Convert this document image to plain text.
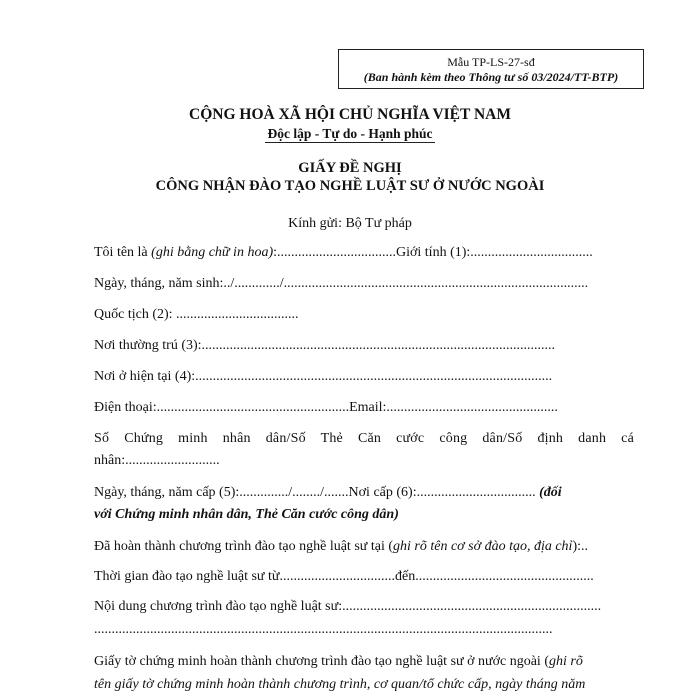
Mẫu TP-LS-27-sđ
(Ban hành kèm theo Thông tư số 03/2024/TT-BTP)
CỘNG HOÀ XÃ HỘI CHỦ NGHĨA VIỆT NAM
Độc lập - Tự do - Hạnh phúc
GIẤY ĐỀ NGHỊ
CÔNG NHẬN ĐÀO TẠO NGHỀ LUẬT SƯ Ở NƯỚC NGOÀI
Kính gửi: Bộ Tư pháp
Tôi tên là (ghi bằng chữ in hoa):..................................Giới tính (1):...................................
Ngày, tháng, năm sinh:../............./.......................................................................................
Quốc tịch (2): ...................................
Nơi thường trú (3):.....................................................................................................
Nơi ở hiện tại (4):......................................................................................................
Điện thoại:.......................................................Email:.................................................
Số Chứng minh nhân dân/Số Thẻ Căn cước công dân/Số định danh cá
nhân:...........................
Ngày, tháng, năm cấp (5):............../......../.......Nơi cấp (6):.................................. (đối
với Chứng minh nhân dân, Thẻ Căn cước công dân)
Đã hoàn thành chương trình đào tạo nghề luật sư tại (ghi rõ tên cơ sở đào tạo, địa chỉ):..
Thời gian đào tạo nghề luật sư từ.................................đến...................................................
Nội dung chương trình đào tạo nghề luật sư:..........................................................................
...................................................................................................................................
Giấy tờ chứng minh hoàn thành chương trình đào tạo nghề luật sư ở nước ngoài (ghi rõ
tên giấy tờ chứng minh hoàn thành chương trình, cơ quan/tổ chức cấp, ngày tháng năm
